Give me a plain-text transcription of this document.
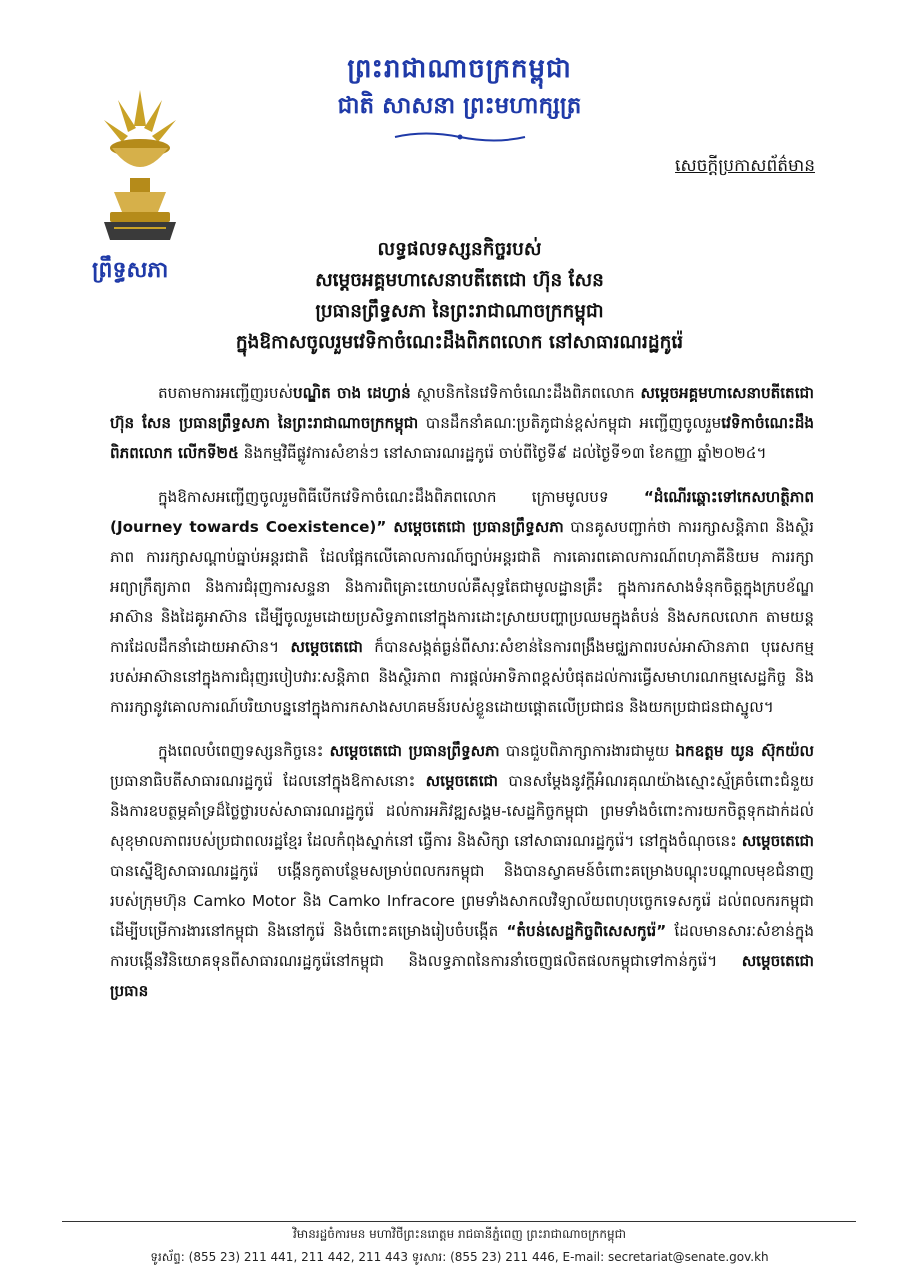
ព្រះរាជាណាចក្រកម្ពុជា
ជាតិ សាសនា ព្រះមហាក្សត្រ
ព្រឹទ្ធសភា
សេចក្តីប្រកាសព័ត៌មាន
លទ្ធផលទស្សនកិច្ចរបស់
សម្តេចអគ្គមហាសេនាបតីតេជោ ហ៊ុន សែន
ប្រធានព្រឹទ្ធសភា នៃព្រះរាជាណាចក្រកម្ពុជា
ក្នុងឱកាសចូលរួមវេទិកាចំណេះដឹងពិភពលោក នៅសាធារណរដ្ឋកូរ៉េ

តបតាមការអញ្ជើញរបស់បណ្ឌិត ចាង ដេហ្វាន់ ស្ថាបនិកនៃវេទិកាចំណេះដឹងពិភពលោក សម្តេចអគ្គមហាសេនាបតីតេជោ ហ៊ុន សែន ប្រធានព្រឹទ្ធសភា នៃព្រះរាជាណាចក្រកម្ពុជា បានដឹកនាំគណៈប្រតិភូជាន់ខ្ពស់កម្ពុជា អញ្ជើញចូលរួមវេទិកាចំណេះដឹងពិភពលោក លើកទី២៥ និងកម្មវិធីផ្លូវការសំខាន់ៗ នៅសាធារណរដ្ឋកូរ៉េ ចាប់ពីថ្ងៃទី៩ ដល់ថ្ងៃទី១៣ ខែកញ្ញា ឆ្នាំ២០២៤។

ក្នុងឱកាសអញ្ជើញចូលរួមពិធីបើកវេទិកាចំណេះដឹងពិភពលោក ក្រោមមូលបទ “ដំណើរឆ្ពោះទៅកេសហត្ថិភាព (Journey towards Coexistence)” សម្តេចតេជោ ប្រធានព្រឹទ្ធសភា បានគូសបញ្ជាក់ថា ការរក្សាសន្តិភាព និងស្ថិរភាព ការរក្សាសណ្តាប់ធ្នាប់អន្តរជាតិ ដែលផ្អែកលើគោលការណ៍ច្បាប់អន្តរជាតិ ការគោរពគោលការណ៍ពហុភាគីនិយម ការរក្សាអព្យាក្រឹត្យភាព និងការជំរុញការសន្ទនា និងការពិគ្រោះយោបល់គឺសុទ្ធតែជាមូលដ្ឋានគ្រឹះ ក្នុងការកសាងទំនុកចិត្តក្នុងក្របខ័ណ្ឌអាស៊ាន និងដៃគូអាស៊ាន ដើម្បីចូលរួមដោយប្រសិទ្ធភាពនៅក្នុងការដោះស្រាយបញ្ហាប្រឈមក្នុងតំបន់ និងសកលលោក តាមយន្តការដែលដឹកនាំដោយអាស៊ាន។ សម្តេចតេជោ ក៏បានសង្កត់ធ្ងន់ពីសារៈសំខាន់នៃការពង្រឹងមជ្ឈភាពរបស់អាស៊ានភាព បុរេសកម្មរបស់អាស៊ាននៅក្នុងការជំរុញរបៀបវារៈសន្តិភាព និងស្ថិរភាព ការផ្តល់អាទិភាពខ្ពស់បំផុតដល់ការធ្វើសមាហរណកម្មសេដ្ឋកិច្ច និងការរក្សានូវគោលការណ៍បរិយាបន្ននៅក្នុងការកសាងសហគមន៍របស់ខ្លួនដោយផ្តោតលើប្រជាជន និងយកប្រជាជនជាស្នូល។

ក្នុងពេលបំពេញទស្សនកិច្ចនេះ សម្តេចតេជោ ប្រធានព្រឹទ្ធសភា បានជួបពិភាក្សាការងារជាមួយ ឯកឧត្តម យូន ស៊ុកយ៉ល ប្រធានាធិបតីសាធារណរដ្ឋកូរ៉េ ដែលនៅក្នុងឱកាសនោះ សម្តេចតេជោ បានសម្តែងនូវក្តីអំណរគុណយ៉ាងស្មោះស្ម័គ្រចំពោះជំនួយ និងការឧបត្ថម្ភគាំទ្រដ៏ថ្លៃថ្លារបស់សាធារណរដ្ឋកូរ៉េ ដល់ការអភិវឌ្ឍសង្គម-សេដ្ឋកិច្ចកម្ពុជា ព្រមទាំងចំពោះការយកចិត្តទុកដាក់ដល់សុខុមាលភាពរបស់ប្រជាពលរដ្ឋខ្មែរ ដែលកំពុងស្នាក់នៅ ធ្វើការ និងសិក្សា នៅសាធារណរដ្ឋកូរ៉េ។ នៅក្នុងចំណុចនេះ សម្តេចតេជោ បានស្នើឱ្យសាធារណរដ្ឋកូរ៉េ បង្កើនកូតាបន្ថែមសម្រាប់ពលករកម្ពុជា និងបានស្វាគមន៍ចំពោះគម្រោងបណ្តុះបណ្តាលមុខជំនាញរបស់ក្រុមហ៊ុន Camko Motor និង Camko Infracore ព្រមទាំងសាកលវិទ្យាល័យពហុបច្ចេកទេសកូរ៉េ ដល់ពលករកម្ពុជា ដើម្បីបម្រើការងារនៅកម្ពុជា និងនៅកូរ៉េ និងចំពោះគម្រោងរៀបចំបង្កើត “តំបន់សេដ្ឋកិច្ចពិសេសកូរ៉េ” ដែលមានសារៈសំខាន់ក្នុងការបង្កើនវិនិយោគទុនពីសាធារណរដ្ឋកូរ៉េនៅកម្ពុជា និងលទ្ធភាពនៃការនាំចេញផលិតផលកម្ពុជាទៅកាន់កូរ៉េ។ សម្តេចតេជោ ប្រធាន

វិមានរដ្ឋចំការមន មហាវិថីព្រះនរោត្តម រាជធានីភ្នំពេញ ព្រះរាជាណាចក្រកម្ពុជា
ទូរស័ព្ទ: (855 23) 211 441, 211 442, 211 443 ទូរសារ: (855 23) 211 446, E-mail: secretariat@senate.gov.kh
